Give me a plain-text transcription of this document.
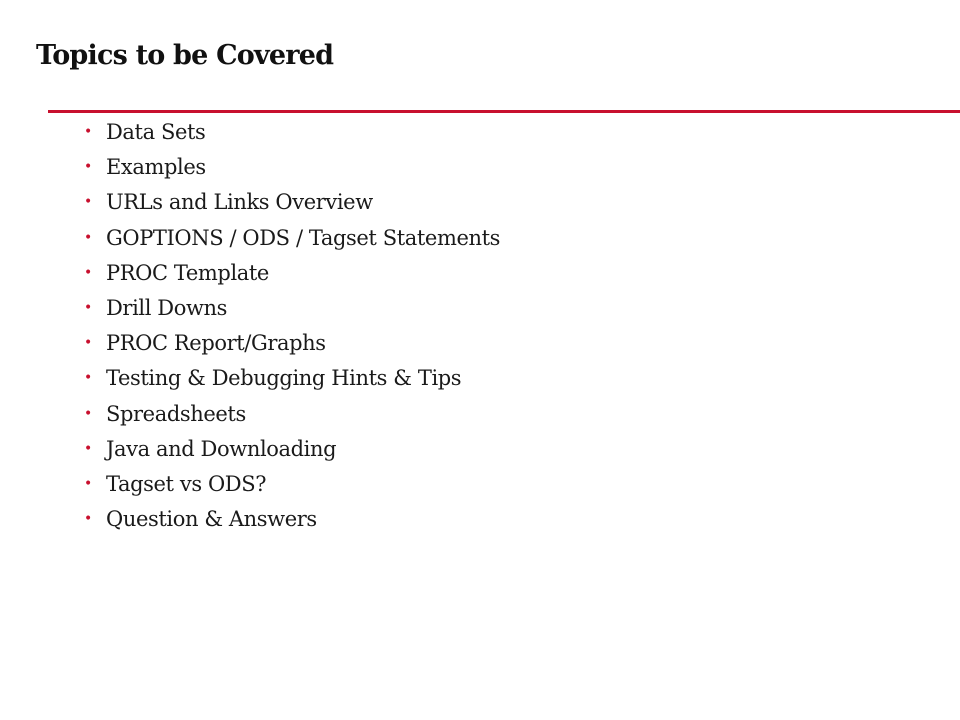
Topics to be Covered
• Data Sets
• Examples
• URLs and Links Overview
• GOPTIONS / ODS / Tagset Statements
• PROC Template
• Drill Downs
• PROC Report/Graphs
• Testing & Debugging Hints & Tips
• Spreadsheets
• Java and Downloading
• Tagset vs ODS?
• Question & Answers
